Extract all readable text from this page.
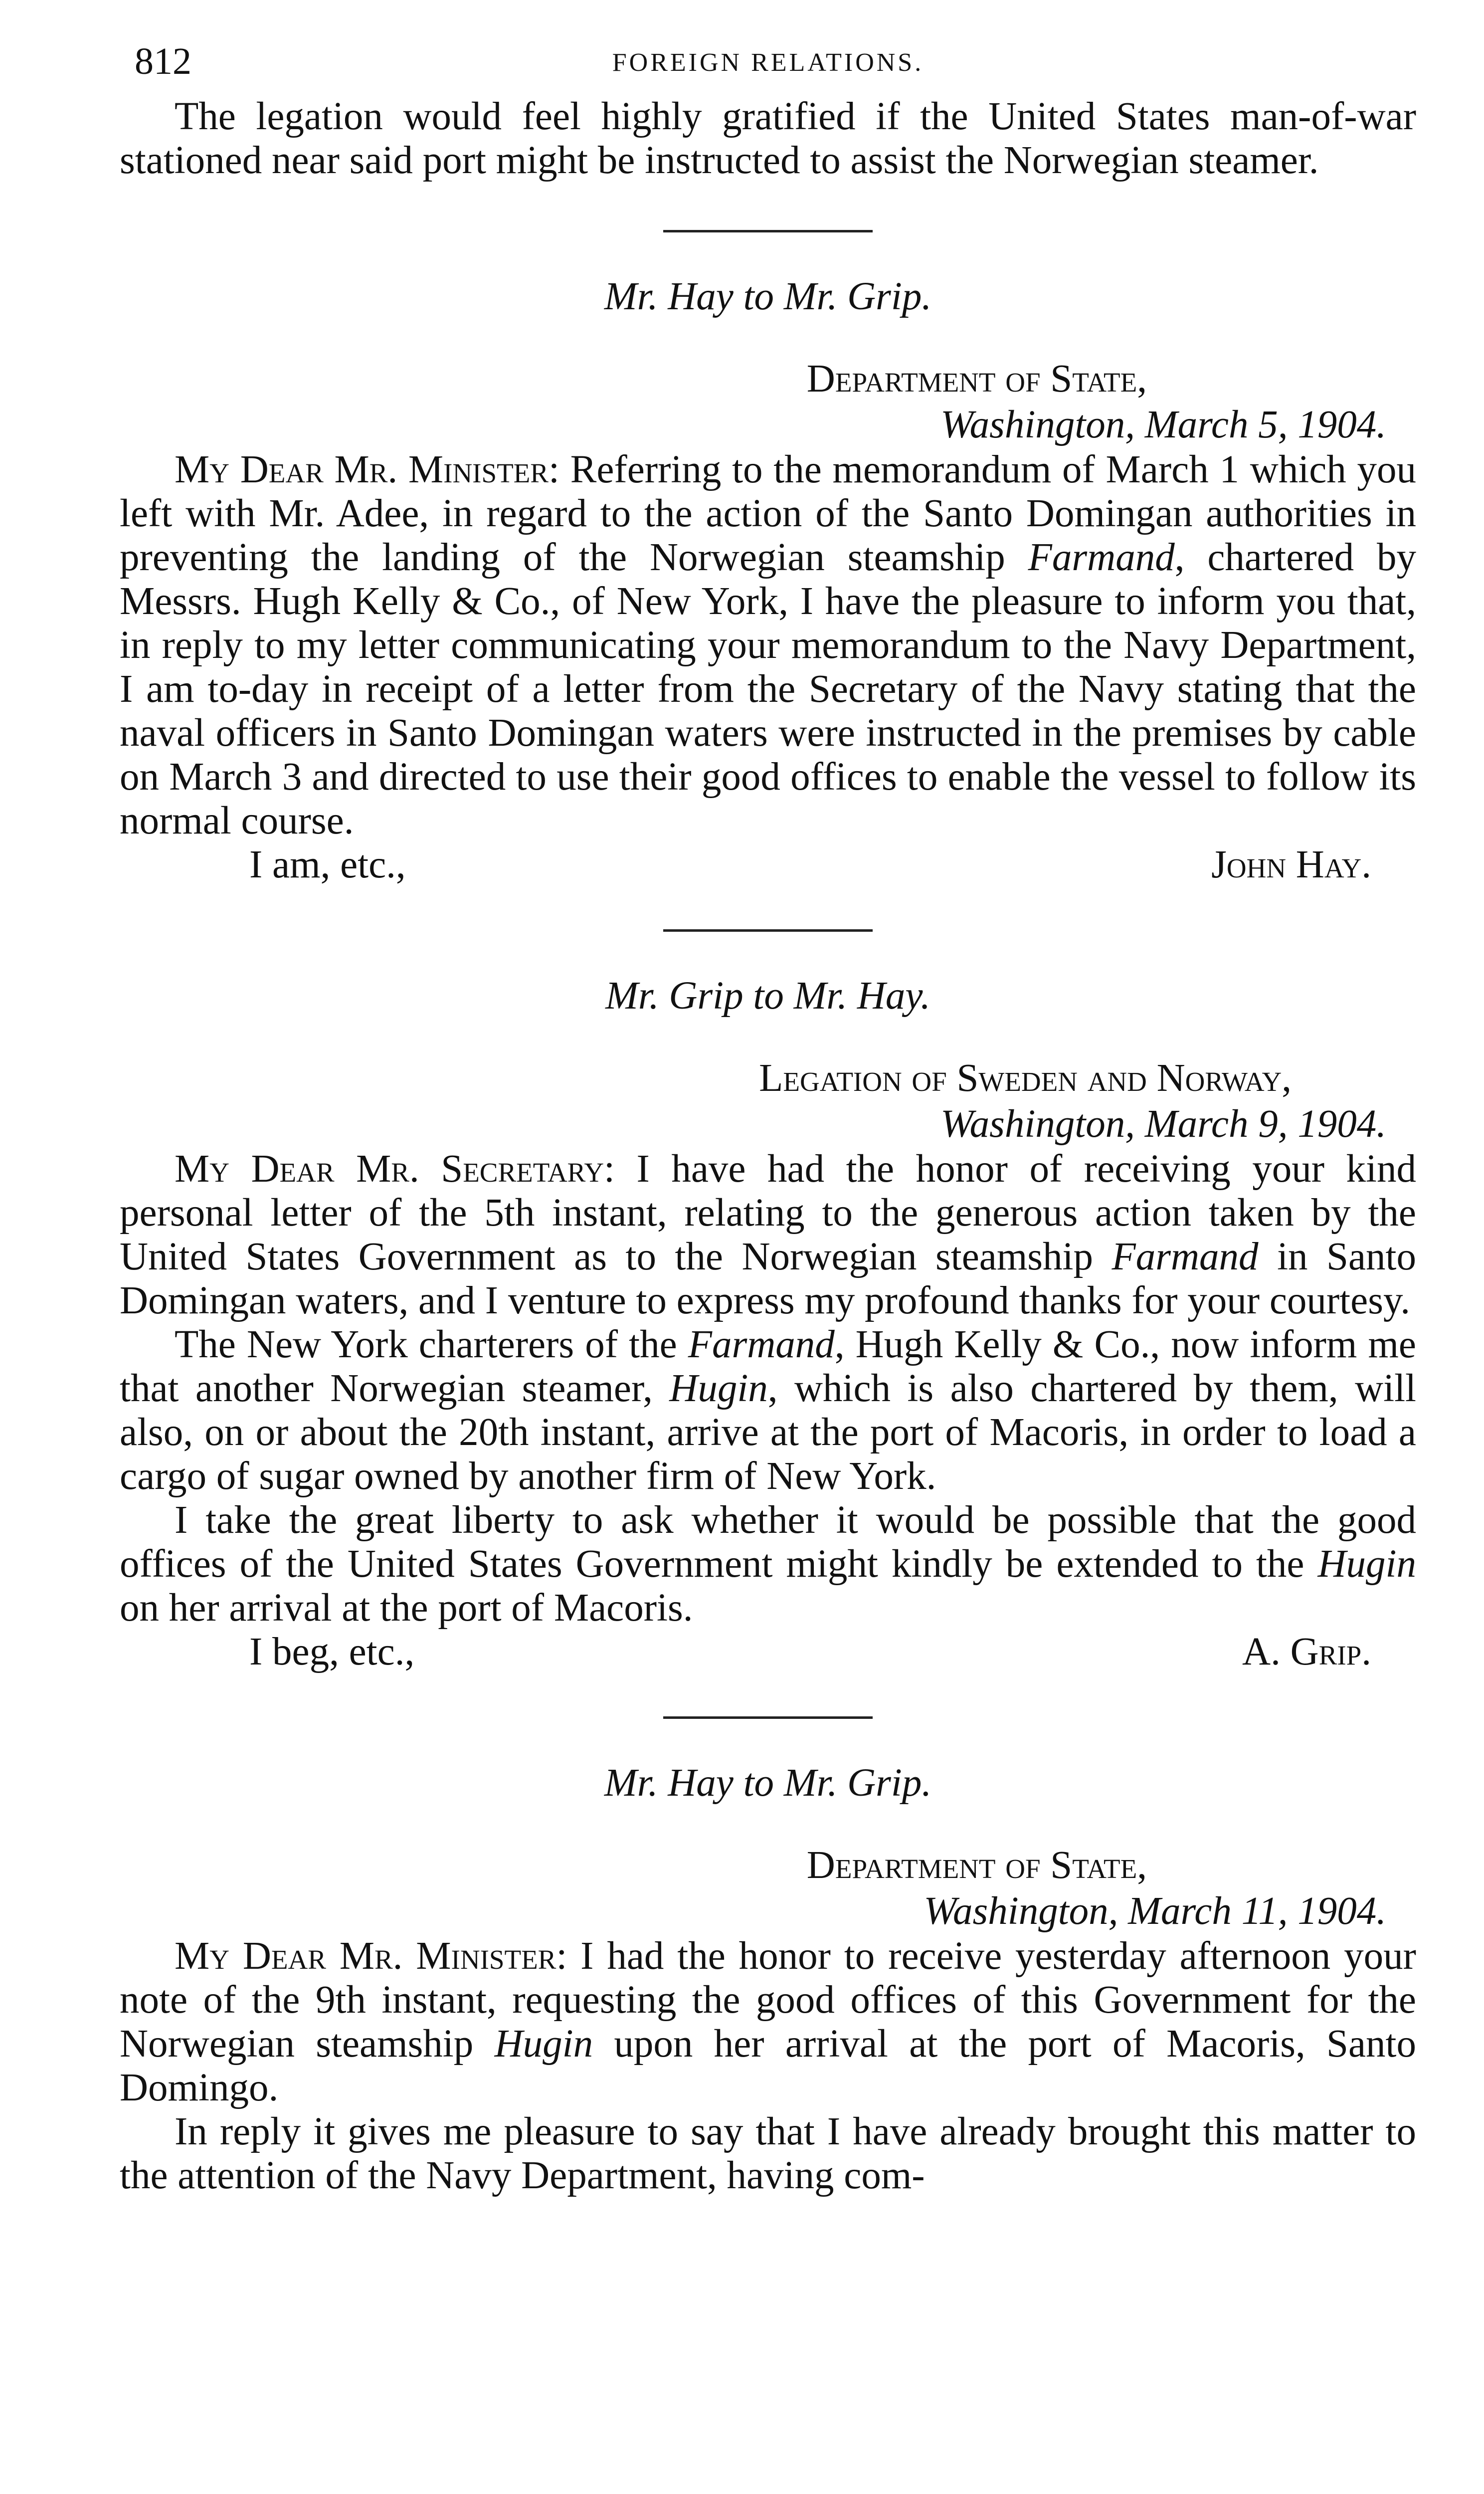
812	FOREIGN RELATIONS.

The legation would feel highly gratified if the United States man-of-war stationed near said port might be instructed to assist the Norwegian steamer.

Mr. Hay to Mr. Grip.
Department of State,
Washington, March 5, 1904.

My Dear Mr. Minister: Referring to the memorandum of March 1 which you left with Mr. Adee, in regard to the action of the Santo Domingan authorities in preventing the landing of the Norwegian steamship Farmand, chartered by Messrs. Hugh Kelly & Co., of New York, I have the pleasure to inform you that, in reply to my letter communicating your memorandum to the Navy Department, I am to-day in receipt of a letter from the Secretary of the Navy stating that the naval officers in Santo Domingan waters were instructed in the premises by cable on March 3 and directed to use their good offices to enable the vessel to follow its normal course.

I am, etc.,	John Hay.
Mr. Grip to Mr. Hay.
Legation of Sweden and Norway,
Washington, March 9, 1904.

My Dear Mr. Secretary: I have had the honor of receiving your kind personal letter of the 5th instant, relating to the generous action taken by the United States Government as to the Norwegian steamship Farmand in Santo Domingan waters, and I venture to express my profound thanks for your courtesy.

The New York charterers of the Farmand, Hugh Kelly & Co., now inform me that another Norwegian steamer, Hugin, which is also chartered by them, will also, on or about the 20th instant, arrive at the port of Macoris, in order to load a cargo of sugar owned by another firm of New York.

I take the great liberty to ask whether it would be possible that the good offices of the United States Government might kindly be extended to the Hugin on her arrival at the port of Macoris.

I beg, etc.,	A. Grip.
Mr. Hay to Mr. Grip.
Department of State,
Washington, March 11, 1904.

My Dear Mr. Minister: I had the honor to receive yesterday afternoon your note of the 9th instant, requesting the good offices of this Government for the Norwegian steamship Hugin upon her arrival at the port of Macoris, Santo Domingo.

In reply it gives me pleasure to say that I have already brought this matter to the attention of the Navy Department, having com-
